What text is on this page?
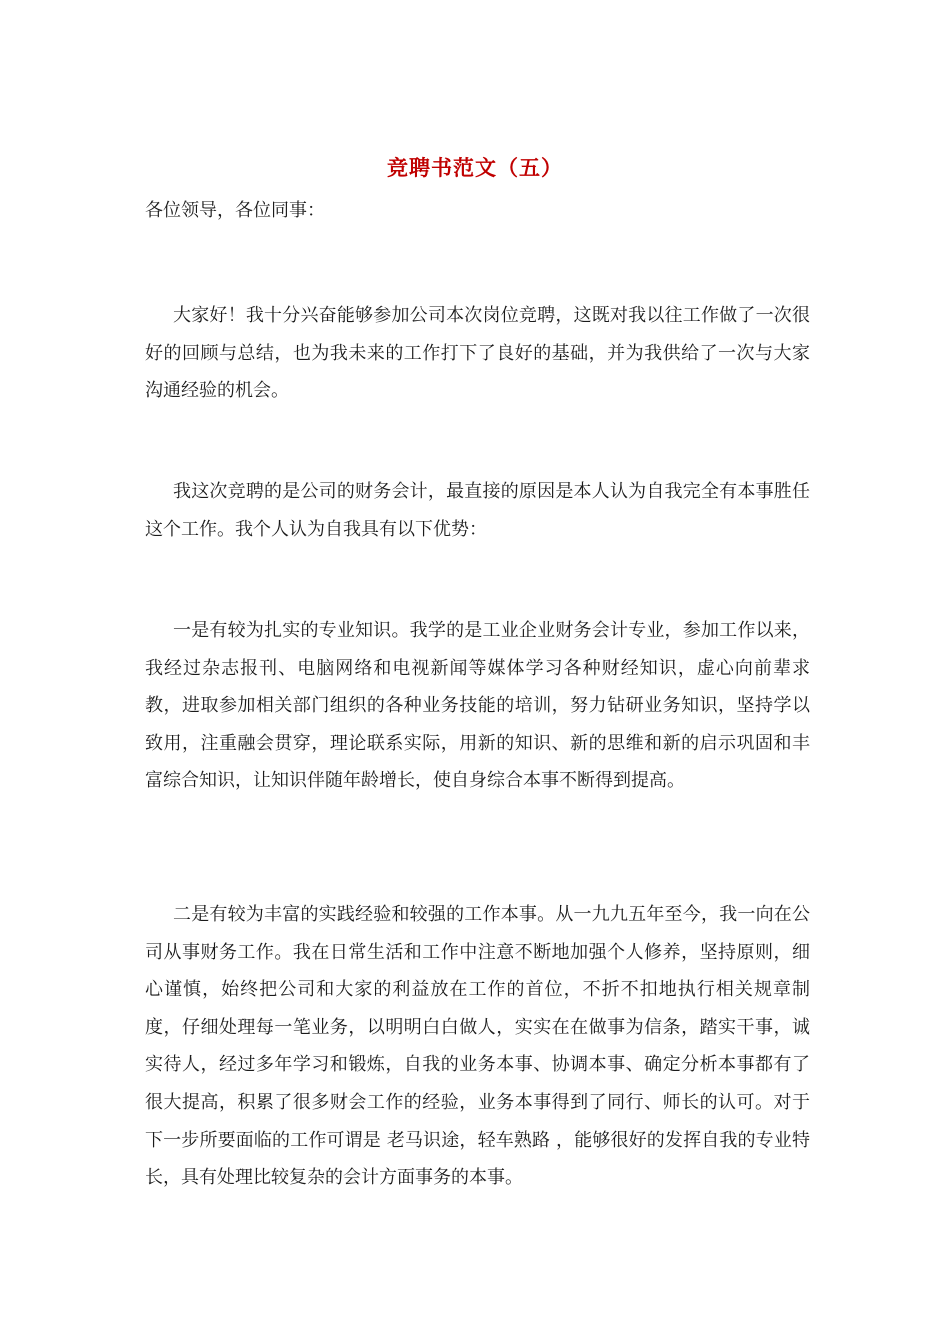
竞聘书范文（五）
各位领导，各位同事：

大家好！我十分兴奋能够参加公司本次岗位竞聘，这既对我以往工作做了一次很好的回顾与总结，也为我未来的工作打下了良好的基础，并为我供给了一次与大家沟通经验的机会。

我这次竞聘的是公司的财务会计，最直接的原因是本人认为自我完全有本事胜任这个工作。我个人认为自我具有以下优势：

一是有较为扎实的专业知识。我学的是工业企业财务会计专业，参加工作以来，我经过杂志报刊、电脑网络和电视新闻等媒体学习各种财经知识，虚心向前辈求教，进取参加相关部门组织的各种业务技能的培训，努力钻研业务知识，坚持学以致用，注重融会贯穿，理论联系实际，用新的知识、新的思维和新的启示巩固和丰富综合知识，让知识伴随年龄增长，使自身综合本事不断得到提高。

二是有较为丰富的实践经验和较强的工作本事。从一九九五年至今，我一向在公司从事财务工作。我在日常生活和工作中注意不断地加强个人修养，坚持原则，细心谨慎，始终把公司和大家的利益放在工作的首位，不折不扣地执行相关规章制度，仔细处理每一笔业务，以明明白白做人，实实在在做事为信条，踏实干事，诚实待人，经过多年学习和锻炼，自我的业务本事、协调本事、确定分析本事都有了很大提高，积累了很多财会工作的经验，业务本事得到了同行、师长的认可。对于下一步所要面临的工作可谓是 老马识途，轻车熟路 ，能够很好的发挥自我的专业特长，具有处理比较复杂的会计方面事务的本事。
